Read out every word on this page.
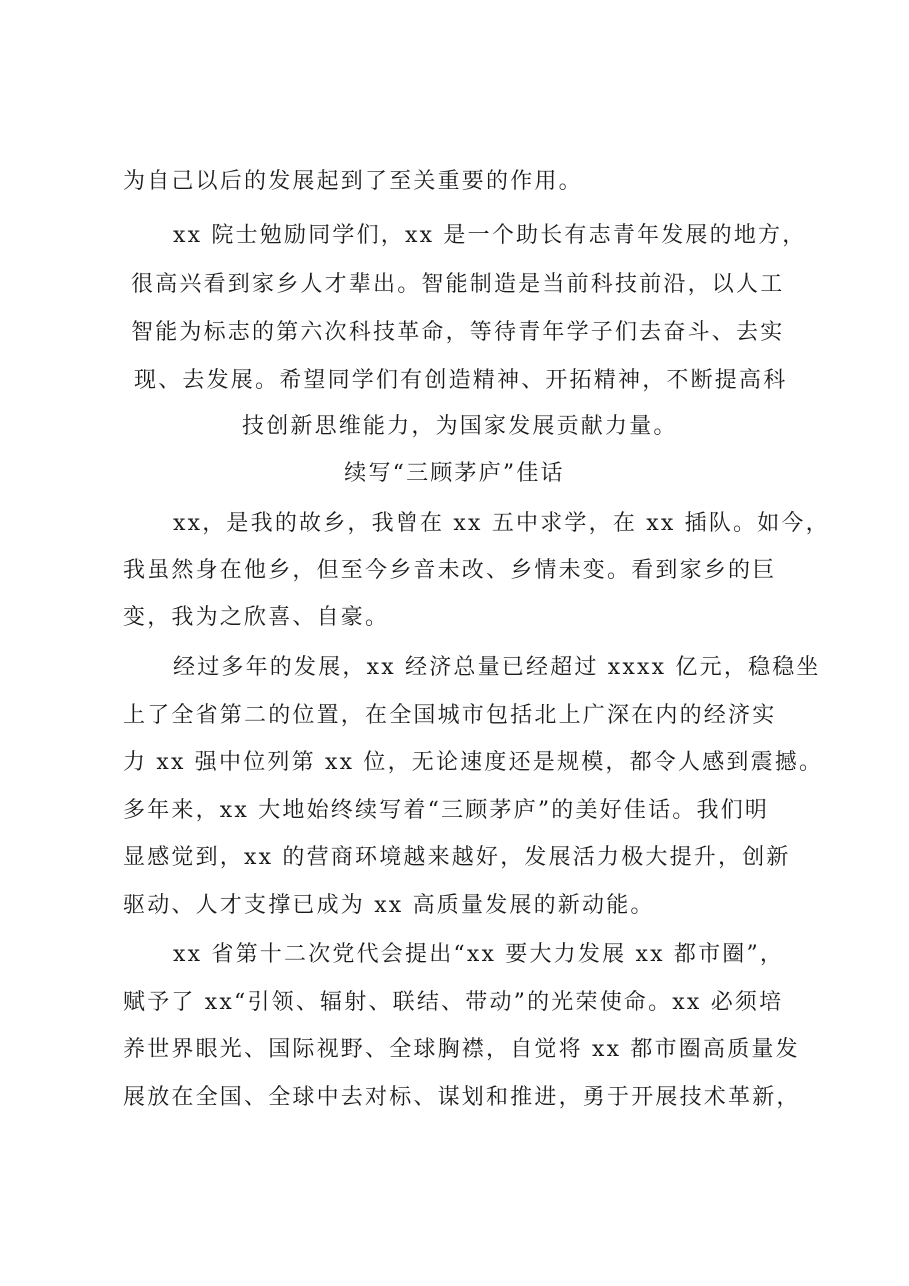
为自己以后的发展起到了至关重要的作用。
xx 院士勉励同学们，xx 是一个助长有志青年发展的地方，
很高兴看到家乡人才辈出。智能制造是当前科技前沿，以人工
智能为标志的第六次科技革命，等待青年学子们去奋斗、去实
现、去发展。希望同学们有创造精神、开拓精神，不断提高科
技创新思维能力，为国家发展贡献力量。
续写“三顾茅庐”佳话
xx，是我的故乡，我曾在 xx 五中求学，在 xx 插队。如今，
我虽然身在他乡，但至今乡音未改、乡情未变。看到家乡的巨
变，我为之欣喜、自豪。
经过多年的发展，xx 经济总量已经超过 xxxx 亿元，稳稳坐
上了全省第二的位置，在全国城市包括北上广深在内的经济实
力 xx 强中位列第 xx 位，无论速度还是规模，都令人感到震撼。
多年来，xx 大地始终续写着“三顾茅庐”的美好佳话。我们明
显感觉到，xx 的营商环境越来越好，发展活力极大提升，创新
驱动、人才支撑已成为 xx 高质量发展的新动能。
xx 省第十二次党代会提出“xx 要大力发展 xx 都市圈”，
赋予了 xx“引领、辐射、联结、带动”的光荣使命。xx 必须培
养世界眼光、国际视野、全球胸襟，自觉将 xx 都市圈高质量发
展放在全国、全球中去对标、谋划和推进，勇于开展技术革新，
